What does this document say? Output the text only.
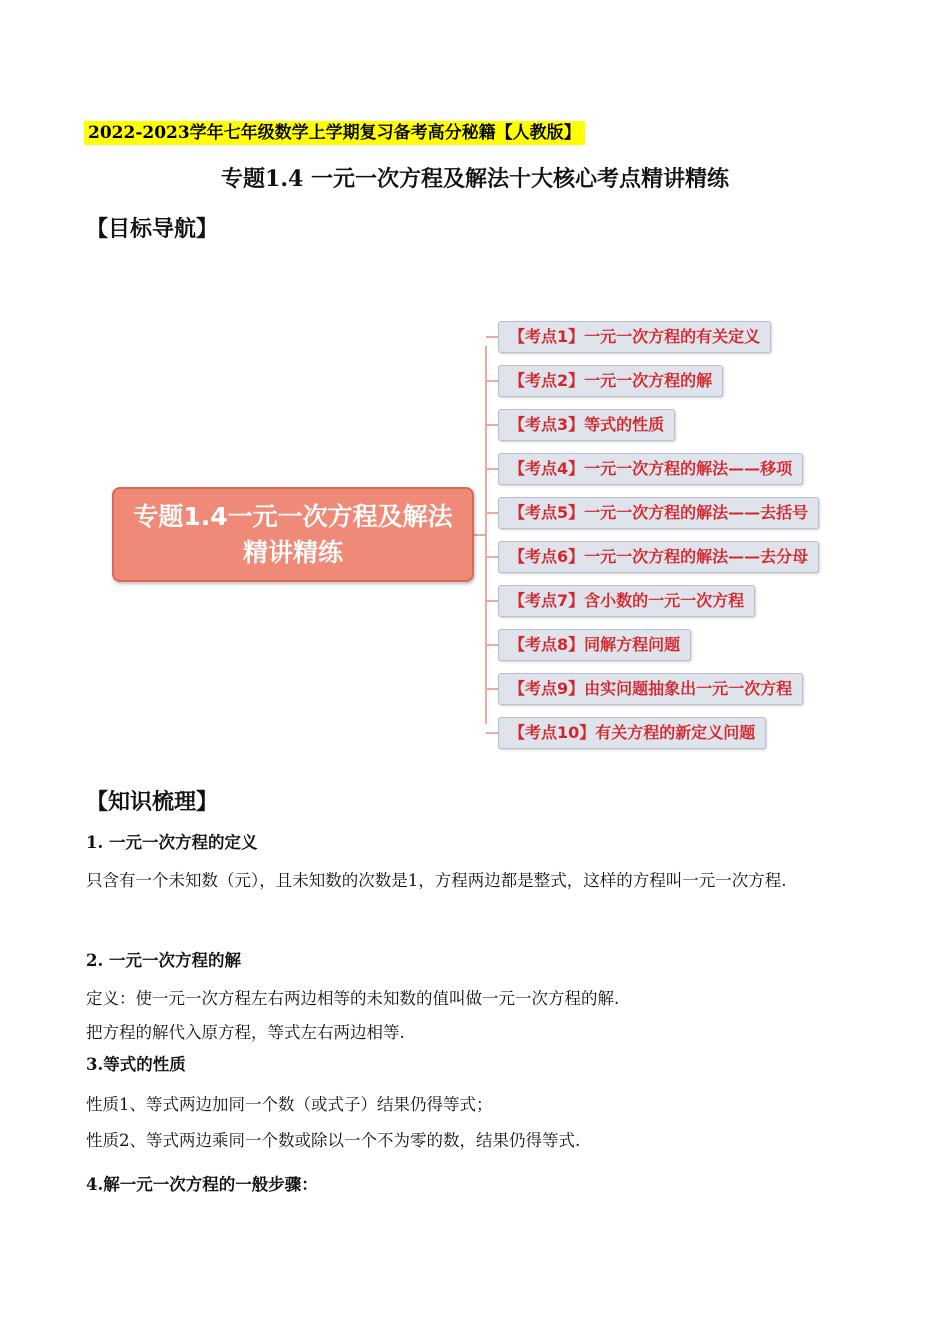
2022-2023学年七年级数学上学期复习备考高分秘籍【人教版】
专题1.4 一元一次方程及解法十大核心考点精讲精练
【目标导航】
专题1.4一元一次方程及解法精讲精练
【考点1】一元一次方程的有关定义
【考点2】一元一次方程的解
【考点3】等式的性质
【考点4】一元一次方程的解法——移项
【考点5】一元一次方程的解法——去括号
【考点6】一元一次方程的解法——去分母
【考点7】含小数的一元一次方程
【考点8】同解方程问题
【考点9】由实问题抽象出一元一次方程
【考点10】有关方程的新定义问题
【知识梳理】
1. 一元一次方程的定义
只含有一个未知数（元），且未知数的次数是1，方程两边都是整式，这样的方程叫一元一次方程.
2. 一元一次方程的解
定义：使一元一次方程左右两边相等的未知数的值叫做一元一次方程的解.
把方程的解代入原方程，等式左右两边相等.
3.等式的性质
性质1、等式两边加同一个数（或式子）结果仍得等式；
性质2、等式两边乘同一个数或除以一个不为零的数，结果仍得等式.
4.解一元一次方程的一般步骤：
